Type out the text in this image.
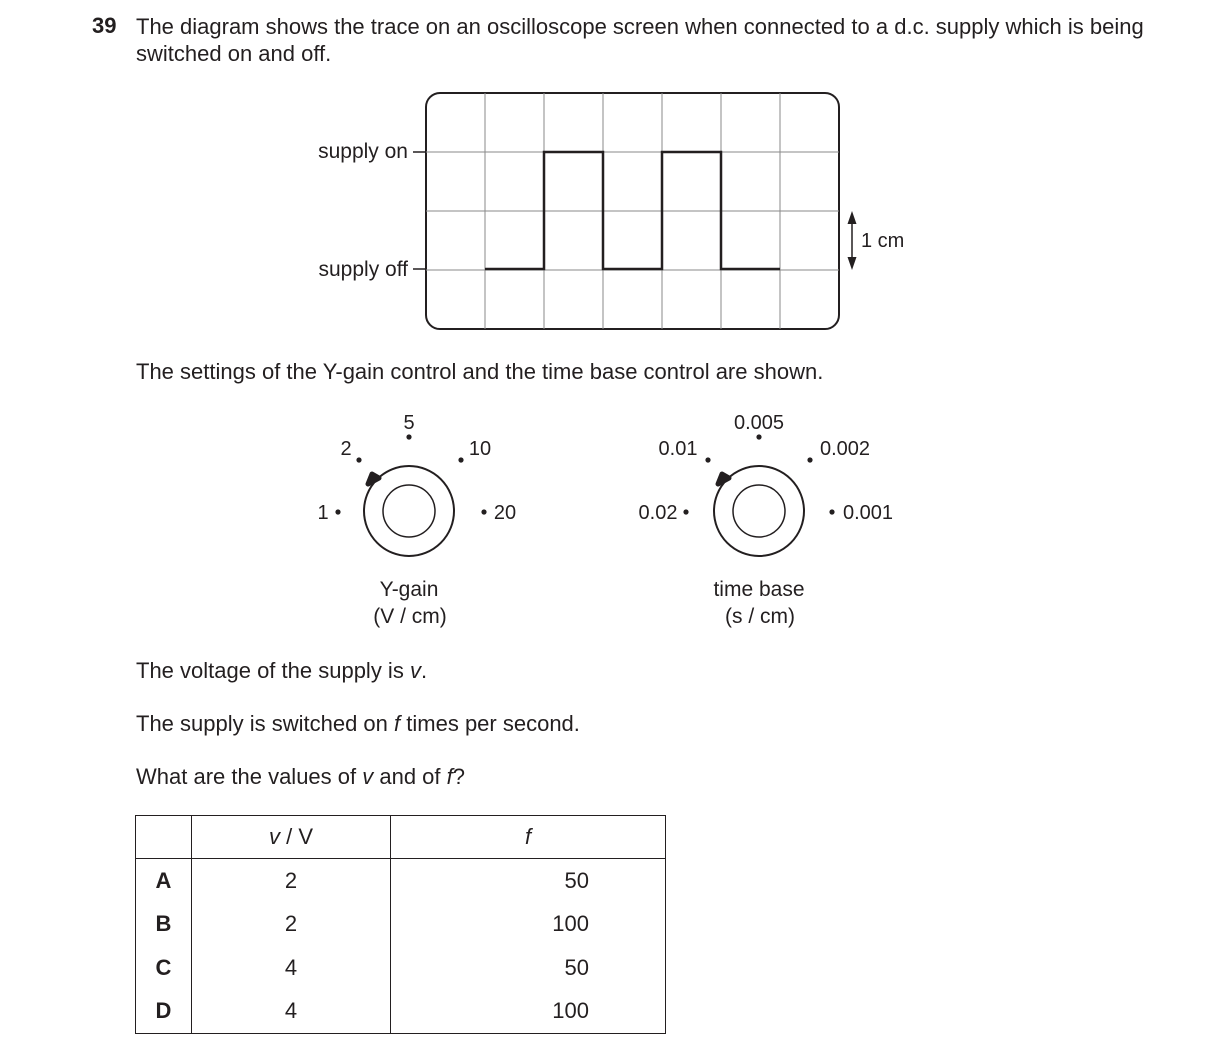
39 The diagram shows the trace on an oscilloscope screen when connected to a d.c. supply which is being switched on and off.
supply on
supply off
1 cm
1
2
5
10
20
Y-gain
(V / cm)
0.02
0.01
0.005
0.002
0.001
time base
(s / cm)
The settings of the Y-gain control and the time base control are shown.
The voltage of the supply is v.
The supply is switched on f times per second.
What are the values of v and of f?
	v / V	f
A	2	50
B	2	100
C	4	50
D	4	100
